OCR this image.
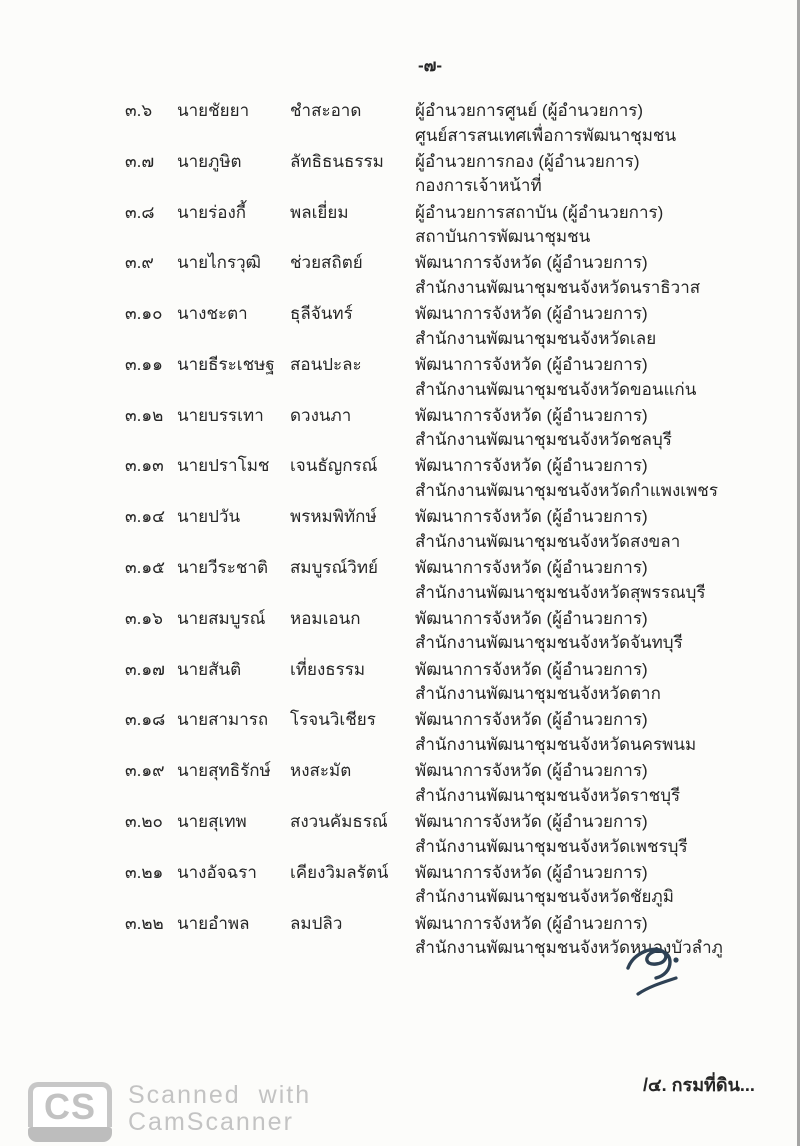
-๗-
๓.๖	นายชัยยา	ชำสะอาด	ผู้อำนวยการศูนย์ (ผู้อำนวยการ)
ศูนย์สารสนเทศเพื่อการพัฒนาชุมชน
๓.๗	นายภูษิต	ลัทธิธนธรรม	ผู้อำนวยการกอง (ผู้อำนวยการ)
กองการเจ้าหน้าที่
๓.๘	นายร่องกี้	พลเยี่ยม	ผู้อำนวยการสถาบัน (ผู้อำนวยการ)
สถาบันการพัฒนาชุมชน
๓.๙	นายไกรวุฒิ	ช่วยสถิตย์	พัฒนาการจังหวัด (ผู้อำนวยการ)
สำนักงานพัฒนาชุมชนจังหวัดนราธิวาส
๓.๑๐ นางชะตา	ธุลีจันทร์	พัฒนาการจังหวัด (ผู้อำนวยการ)
สำนักงานพัฒนาชุมชนจังหวัดเลย
๓.๑๑ นายธีระเชษฐ สอนปะละ	พัฒนาการจังหวัด (ผู้อำนวยการ)
สำนักงานพัฒนาชุมชนจังหวัดขอนแก่น
๓.๑๒ นายบรรเทา	ดวงนภา	พัฒนาการจังหวัด (ผู้อำนวยการ)
สำนักงานพัฒนาชุมชนจังหวัดชลบุรี
๓.๑๓ นายปราโมช	เจนธัญกรณ์	พัฒนาการจังหวัด (ผู้อำนวยการ)
สำนักงานพัฒนาชุมชนจังหวัดกำแพงเพชร
๓.๑๔ นายปวัน	พรหมพิทักษ์	พัฒนาการจังหวัด (ผู้อำนวยการ)
สำนักงานพัฒนาชุมชนจังหวัดสงขลา
๓.๑๕ นายวีระชาติ	สมบูรณ์วิทย์	พัฒนาการจังหวัด (ผู้อำนวยการ)
สำนักงานพัฒนาชุมชนจังหวัดสุพรรณบุรี
๓.๑๖ นายสมบูรณ์	หอมเอนก	พัฒนาการจังหวัด (ผู้อำนวยการ)
สำนักงานพัฒนาชุมชนจังหวัดจันทบุรี
๓.๑๗ นายสันติ	เที่ยงธรรม	พัฒนาการจังหวัด (ผู้อำนวยการ)
สำนักงานพัฒนาชุมชนจังหวัดตาก
๓.๑๘ นายสามารถ	โรจนวิเชียร	พัฒนาการจังหวัด (ผู้อำนวยการ)
สำนักงานพัฒนาชุมชนจังหวัดนครพนม
๓.๑๙ นายสุทธิรักษ์	หงสะมัต	พัฒนาการจังหวัด (ผู้อำนวยการ)
สำนักงานพัฒนาชุมชนจังหวัดราชบุรี
๓.๒๐ นายสุเทพ	สงวนคัมธรณ์	พัฒนาการจังหวัด (ผู้อำนวยการ)
สำนักงานพัฒนาชุมชนจังหวัดเพชรบุรี
๓.๒๑ นางอัจฉรา	เคียงวิมลรัตน์	พัฒนาการจังหวัด (ผู้อำนวยการ)
สำนักงานพัฒนาชุมชนจังหวัดชัยภูมิ
๓.๒๒ นายอำพล	ลมปลิว	พัฒนาการจังหวัด (ผู้อำนวยการ)
สำนักงานพัฒนาชุมชนจังหวัดหนองบัวลำภู
/๔. กรมที่ดิน...
CS Scanned with
CamScanner
